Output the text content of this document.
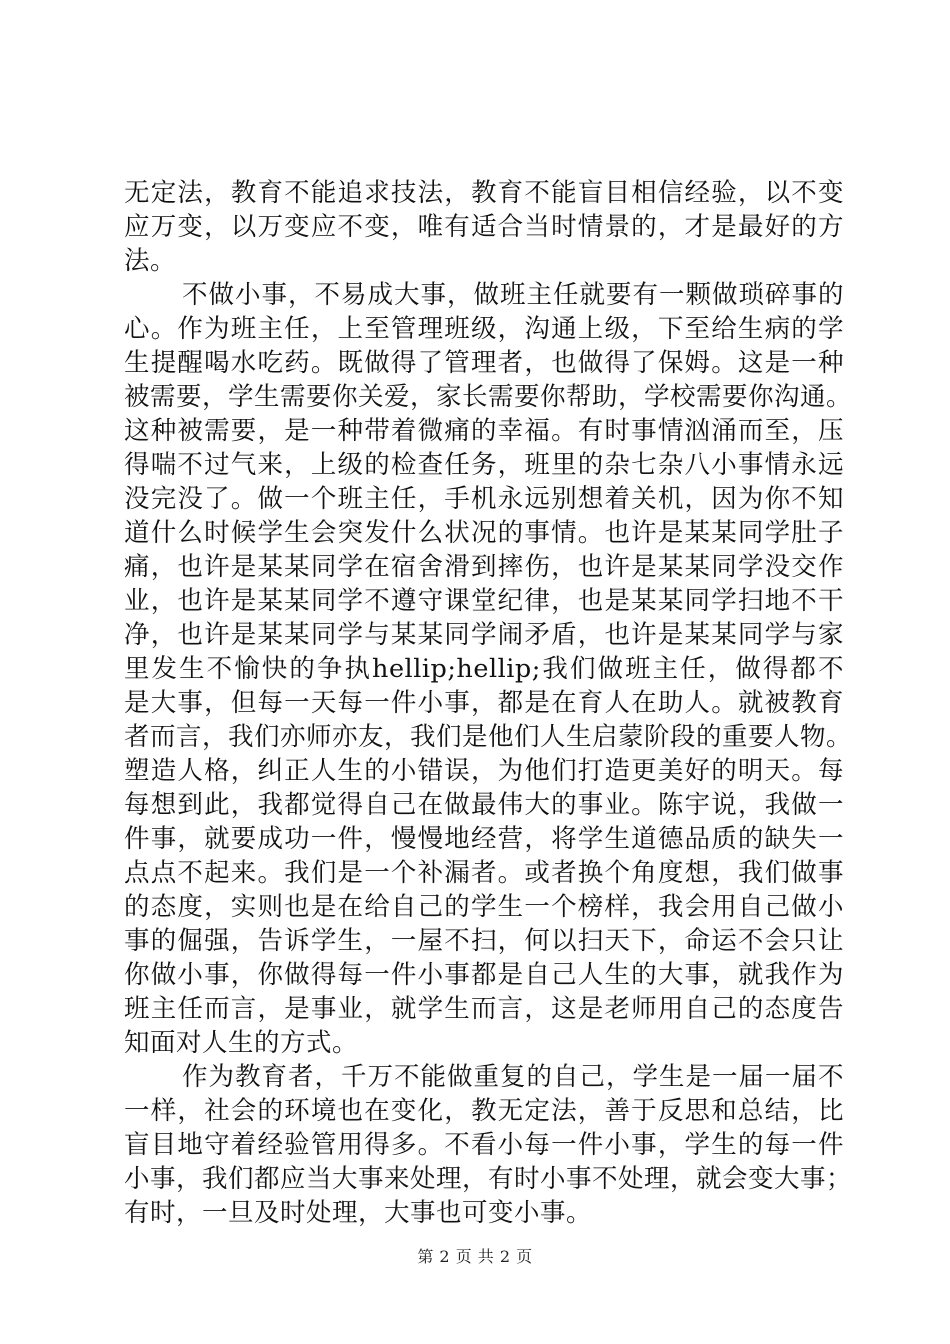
无定法，教育不能追求技法，教育不能盲目相信经验，以不变
应万变，以万变应不变，唯有适合当时情景的，才是最好的方
法。
不做小事，不易成大事，做班主任就要有一颗做琐碎事的
心。作为班主任，上至管理班级，沟通上级，下至给生病的学
生提醒喝水吃药。既做得了管理者，也做得了保姆。这是一种
被需要，学生需要你关爱，家长需要你帮助，学校需要你沟通。
这种被需要，是一种带着微痛的幸福。有时事情汹涌而至，压
得喘不过气来，上级的检查任务，班里的杂七杂八小事情永远
没完没了。做一个班主任，手机永远别想着关机，因为你不知
道什么时候学生会突发什么状况的事情。也许是某某同学肚子
痛，也许是某某同学在宿舍滑到摔伤，也许是某某同学没交作
业，也许是某某同学不遵守课堂纪律，也是某某同学扫地不干
净，也许是某某同学与某某同学闹矛盾，也许是某某同学与家
里发生不愉快的争执hellip;hellip;我们做班主任，做得都不
是大事，但每一天每一件小事，都是在育人在助人。就被教育
者而言，我们亦师亦友，我们是他们人生启蒙阶段的重要人物。
塑造人格，纠正人生的小错误，为他们打造更美好的明天。每
每想到此，我都觉得自己在做最伟大的事业。陈宇说，我做一
件事，就要成功一件，慢慢地经营，将学生道德品质的缺失一
点点不起来。我们是一个补漏者。或者换个角度想，我们做事
的态度，实则也是在给自己的学生一个榜样，我会用自己做小
事的倔强，告诉学生，一屋不扫，何以扫天下，命运不会只让
你做小事，你做得每一件小事都是自己人生的大事，就我作为
班主任而言，是事业，就学生而言，这是老师用自己的态度告
知面对人生的方式。
作为教育者，千万不能做重复的自己，学生是一届一届不
一样，社会的环境也在变化，教无定法，善于反思和总结，比
盲目地守着经验管用得多。不看小每一件小事，学生的每一件
小事，我们都应当大事来处理，有时小事不处理，就会变大事；
有时，一旦及时处理，大事也可变小事。
第 2 页 共 2 页
